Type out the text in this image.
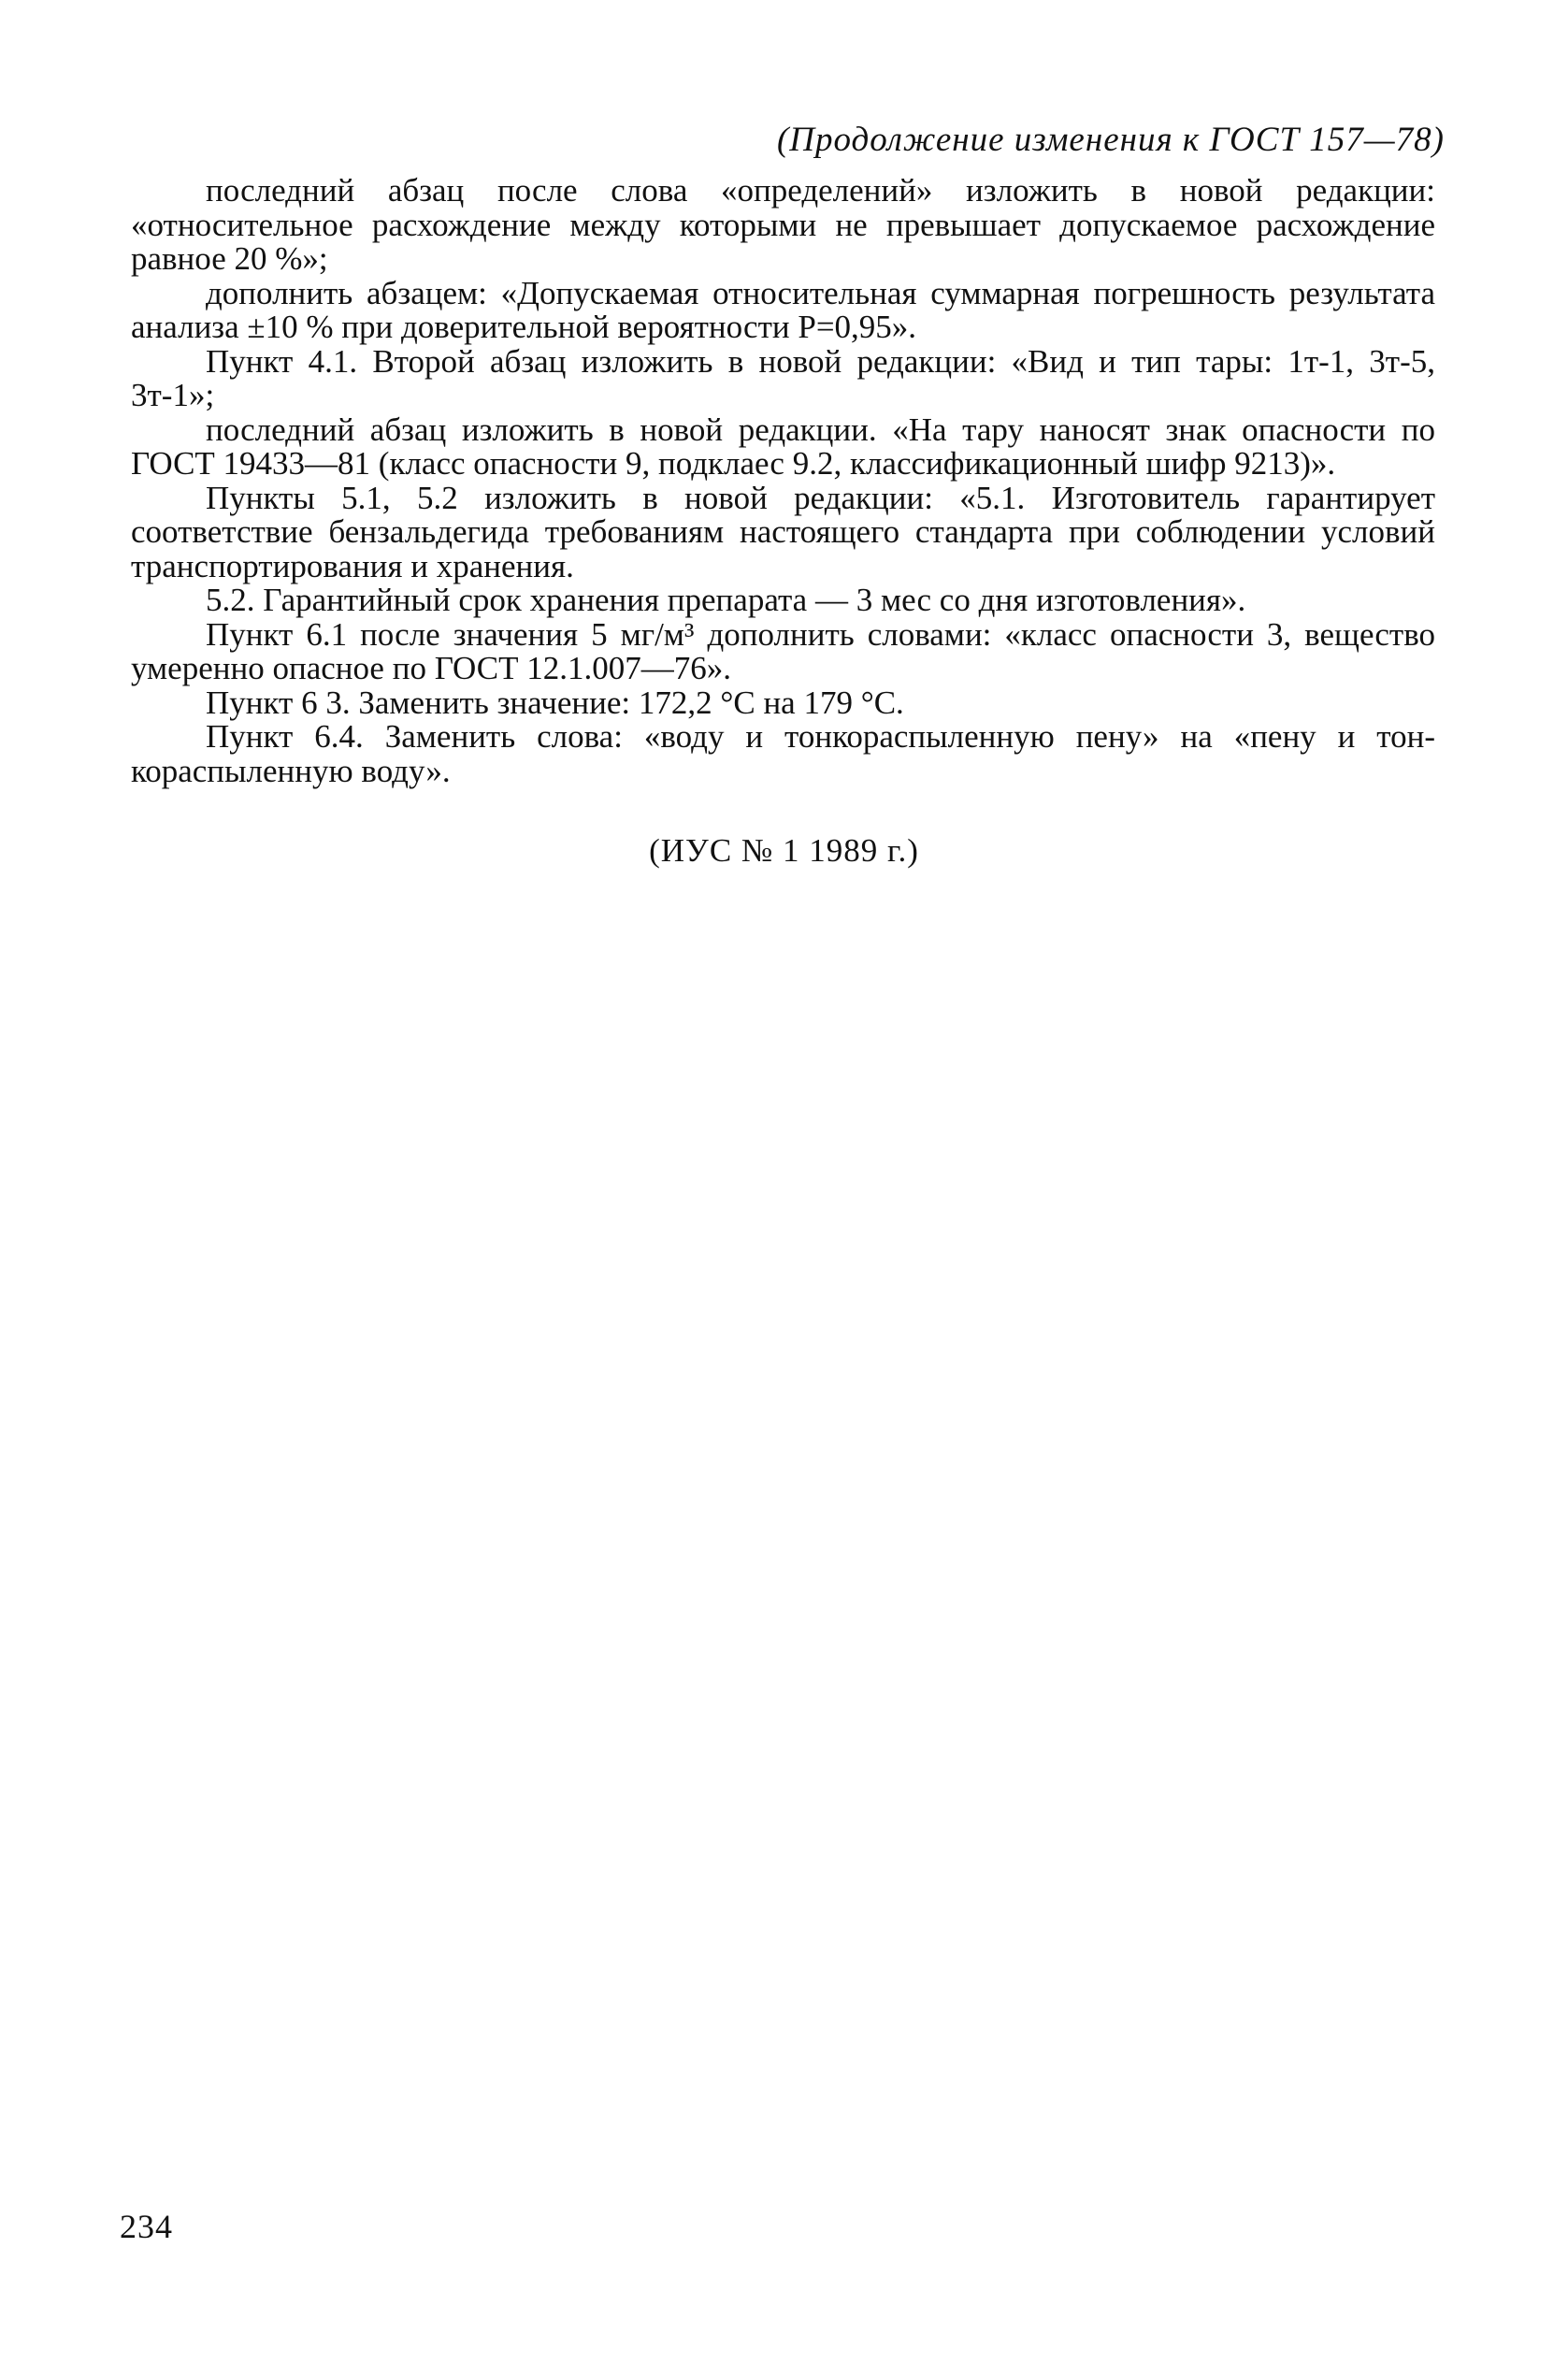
(Продолжение изменения к ГОСТ 157—78)

последний абзац после слова «определений» изложить в новой редакции: «относительное расхождение между которыми не превышает допускаемое расхождение равное 20 %»;

дополнить абзацем: «Допускаемая относительная суммарная погрешность результата анализа ±10 % при доверительной вероятности P=0,95».

Пункт 4.1. Второй абзац изложить в новой редакции: «Вид и тип тары: 1т-1, 3т-5, 3т-1»;

последний абзац изложить в новой редакции. «На тару наносят знак опасности по ГОСТ 19433—81 (класс опасности 9, подклаес 9.2, классификационный шифр 9213)».

Пункты 5.1, 5.2 изложить в новой редакции: «5.1. Изготовитель гарантирует соответствие бензальдегида требованиям настоящего стандарта при соблюдении условий транспортирования и хранения.

5.2. Гарантийный срок хранения препарата — 3 мес со дня изготовления».

Пункт 6.1 после значения 5 мг/м³ дополнить словами: «класс опасности 3, вещество умеренно опасное по ГОСТ 12.1.007—76».

Пункт 6 3. Заменить значение: 172,2 °С на 179 °С.

Пункт 6.4. Заменить слова: «воду и тонкораспыленную пену» на «пену и тонкораспыленную воду».

(ИУС № 1 1989 г.)
234
